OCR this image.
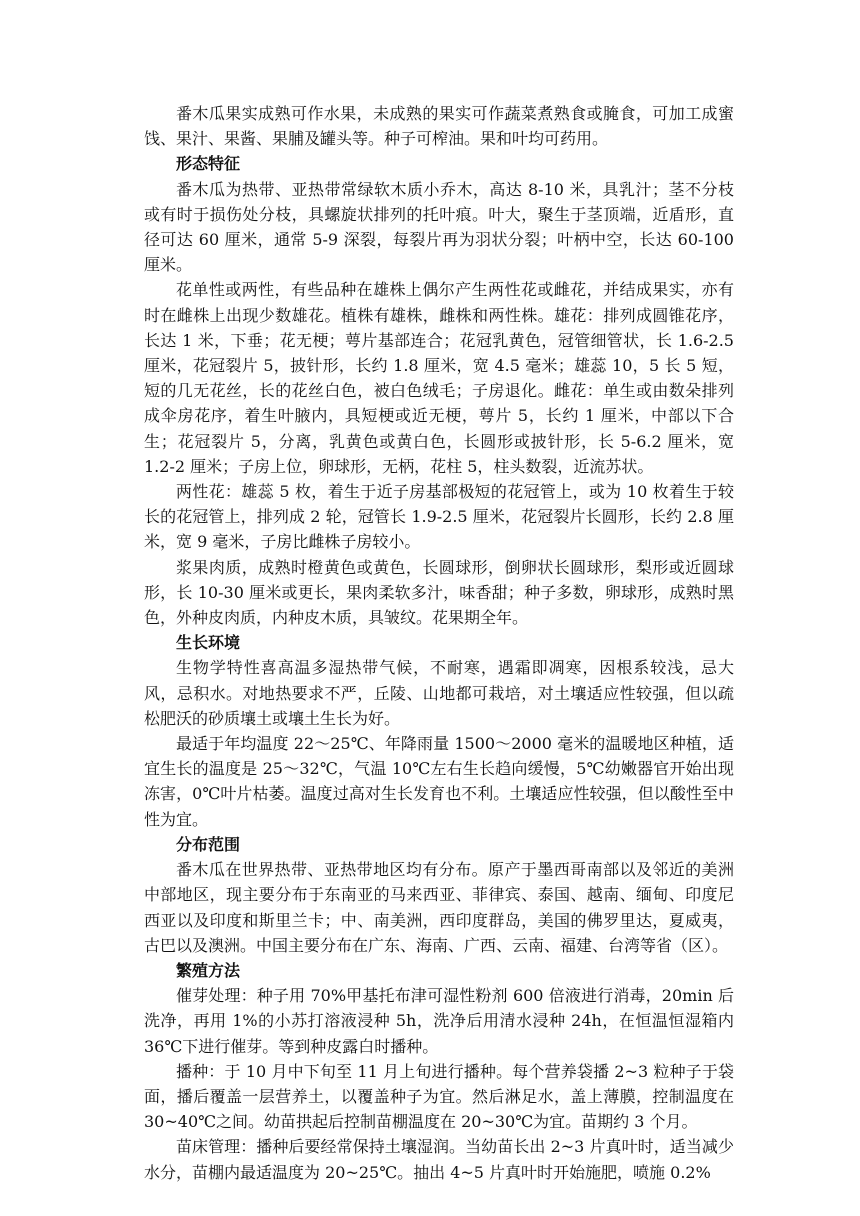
番木瓜果实成熟可作水果，未成熟的果实可作蔬菜煮熟食或腌食，可加工成蜜饯、果汁、果酱、果脯及罐头等。种子可榨油。果和叶均可药用。

形态特征

番木瓜为热带、亚热带常绿软木质小乔木，高达 8-10 米，具乳汁；茎不分枝或有时于损伤处分枝，具螺旋状排列的托叶痕。叶大，聚生于茎顶端，近盾形，直径可达 60 厘米，通常 5-9 深裂，每裂片再为羽状分裂；叶柄中空，长达 60-100 厘米。

花单性或两性，有些品种在雄株上偶尔产生两性花或雌花，并结成果实，亦有时在雌株上出现少数雄花。植株有雄株，雌株和两性株。雄花：排列成圆锥花序，长达 1 米，下垂；花无梗；萼片基部连合；花冠乳黄色，冠管细管状，长 1.6-2.5 厘米，花冠裂片 5，披针形，长约 1.8 厘米，宽 4.5 毫米；雄蕊 10，5 长 5 短，短的几无花丝，长的花丝白色，被白色绒毛；子房退化。雌花：单生或由数朵排列成伞房花序，着生叶腋内，具短梗或近无梗，萼片 5，长约 1 厘米，中部以下合生；花冠裂片 5，分离，乳黄色或黄白色，长圆形或披针形，长 5-6.2 厘米，宽 1.2-2 厘米；子房上位，卵球形，无柄，花柱 5，柱头数裂，近流苏状。

两性花：雄蕊 5 枚，着生于近子房基部极短的花冠管上，或为 10 枚着生于较长的花冠管上，排列成 2 轮，冠管长 1.9-2.5 厘米，花冠裂片长圆形，长约 2.8 厘米，宽 9 毫米，子房比雌株子房较小。

浆果肉质，成熟时橙黄色或黄色，长圆球形，倒卵状长圆球形，梨形或近圆球形，长 10-30 厘米或更长，果肉柔软多汁，味香甜；种子多数，卵球形，成熟时黑色，外种皮肉质，内种皮木质，具皱纹。花果期全年。

生长环境

生物学特性喜高温多湿热带气候，不耐寒，遇霜即凋寒，因根系较浅，忌大风，忌积水。对地热要求不严，丘陵、山地都可栽培，对土壤适应性较强，但以疏松肥沃的砂质壤土或壤土生长为好。

最适于年均温度 22～25℃、年降雨量 1500～2000 毫米的温暖地区种植，适宜生长的温度是 25～32℃，气温 10℃左右生长趋向缓慢，5℃幼嫩器官开始出现冻害，0℃叶片枯萎。温度过高对生长发育也不利。土壤适应性较强，但以酸性至中性为宜。

分布范围

番木瓜在世界热带、亚热带地区均有分布。原产于墨西哥南部以及邻近的美洲中部地区，现主要分布于东南亚的马来西亚、菲律宾、泰国、越南、缅甸、印度尼西亚以及印度和斯里兰卡；中、南美洲，西印度群岛，美国的佛罗里达，夏威夷，古巴以及澳洲。中国主要分布在广东、海南、广西、云南、福建、台湾等省（区）。

繁殖方法

催芽处理：种子用 70%甲基托布津可湿性粉剂 600 倍液进行消毒，20min 后洗净，再用 1%的小苏打溶液浸种 5h，洗净后用清水浸种 24h，在恒温恒湿箱内 36℃下进行催芽。等到种皮露白时播种。

播种：于 10 月中下旬至 11 月上旬进行播种。每个营养袋播 2~3 粒种子于袋面，播后覆盖一层营养土，以覆盖种子为宜。然后淋足水，盖上薄膜，控制温度在 30~40℃之间。幼苗拱起后控制苗棚温度在 20~30℃为宜。苗期约 3 个月。

苗床管理：播种后要经常保持土壤湿润。当幼苗长出 2~3 片真叶时，适当减少水分，苗棚内最适温度为 20~25℃。抽出 4~5 片真叶时开始施肥，喷施 0.2%
